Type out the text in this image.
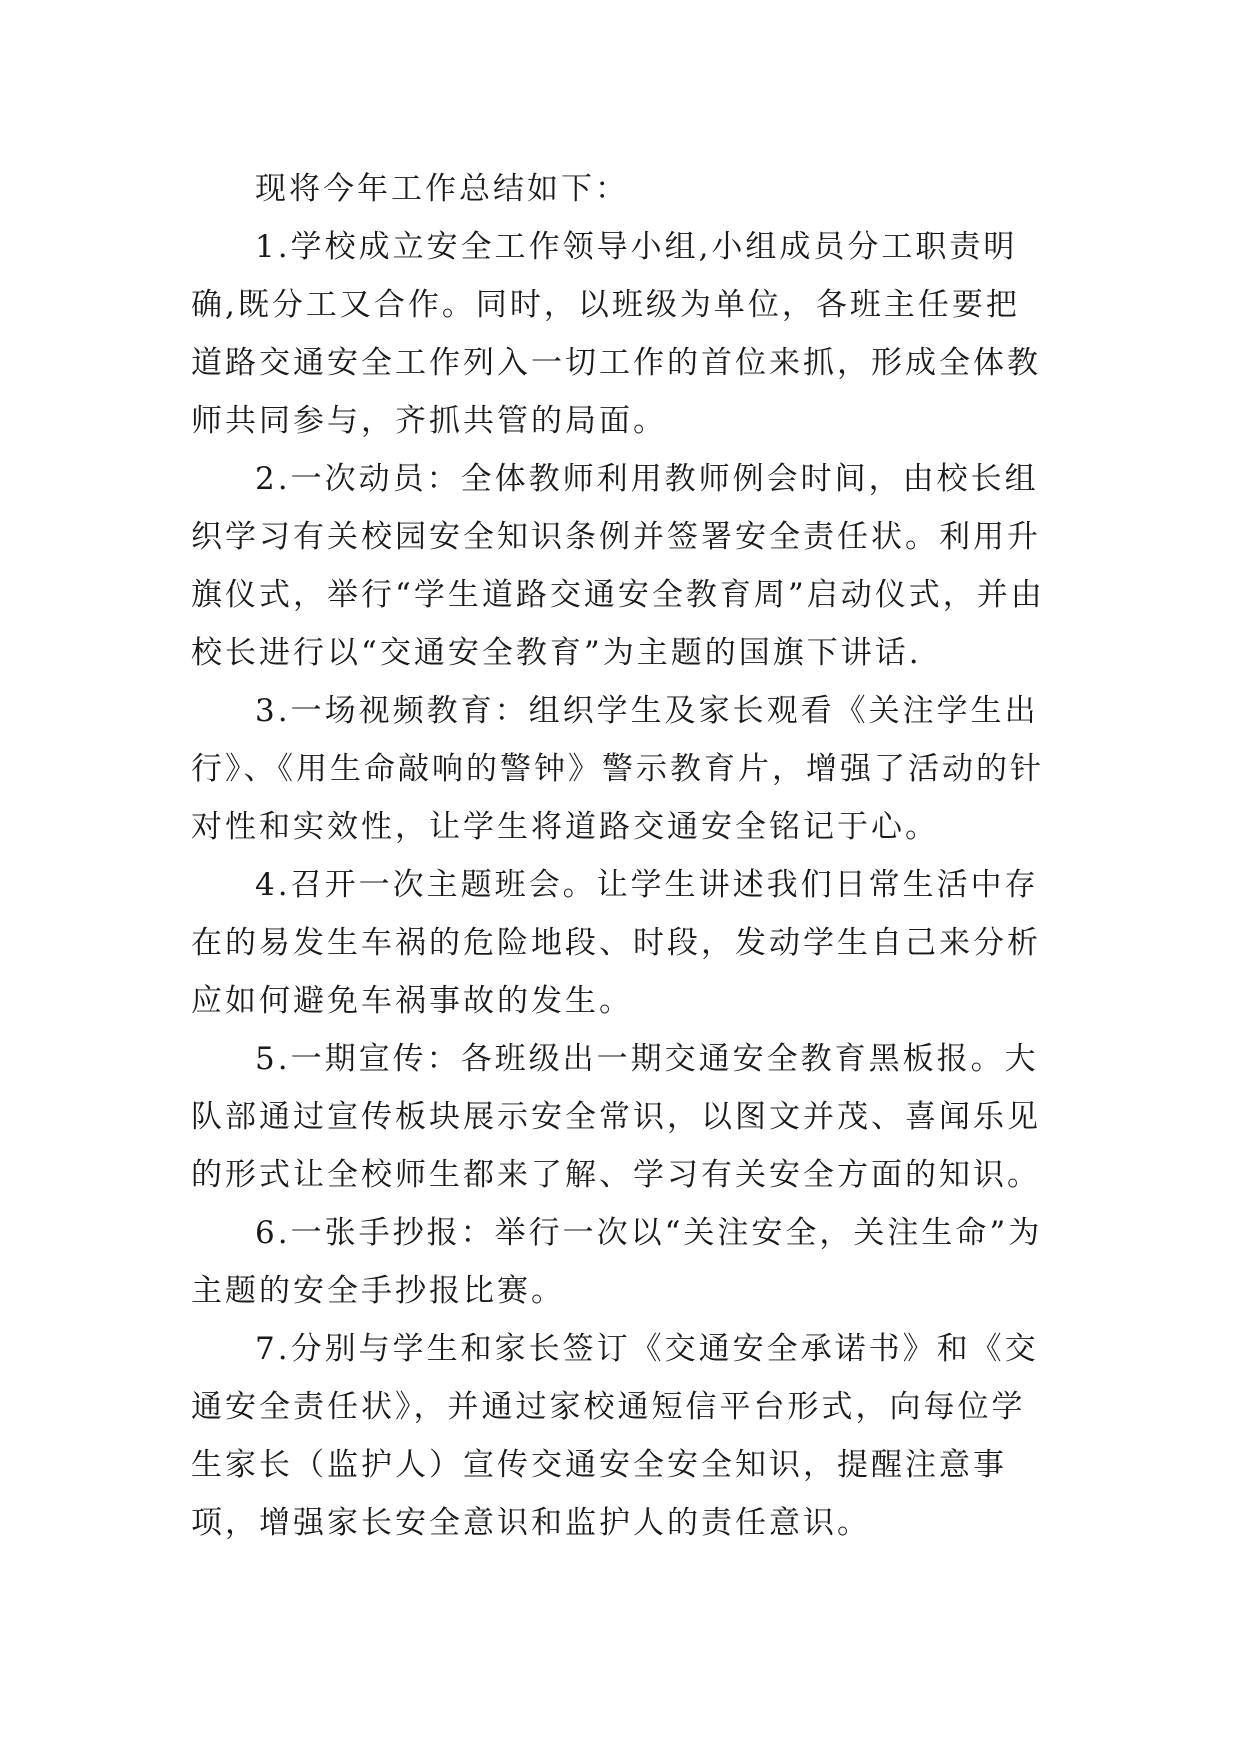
现将今年工作总结如下：

1.学校成立安全工作领导小组,小组成员分工职责明确,既分工又合作。同时，以班级为单位，各班主任要把道路交通安全工作列入一切工作的首位来抓，形成全体教师共同参与，齐抓共管的局面。

2.一次动员：全体教师利用教师例会时间，由校长组织学习有关校园安全知识条例并签署安全责任状。利用升旗仪式，举行“学生道路交通安全教育周”启动仪式，并由校长进行以“交通安全教育”为主题的国旗下讲话.

3.一场视频教育：组织学生及家长观看《关注学生出行》、《用生命敲响的警钟》警示教育片，增强了活动的针对性和实效性，让学生将道路交通安全铭记于心。

4.召开一次主题班会。让学生讲述我们日常生活中存在的易发生车祸的危险地段、时段，发动学生自己来分析应如何避免车祸事故的发生。

5.一期宣传：各班级出一期交通安全教育黑板报。大队部通过宣传板块展示安全常识，以图文并茂、喜闻乐见的形式让全校师生都来了解、学习有关安全方面的知识。

6.一张手抄报：举行一次以“关注安全，关注生命”为主题的安全手抄报比赛。

7.分别与学生和家长签订《交通安全承诺书》和《交通安全责任状》，并通过家校通短信平台形式，向每位学生家长（监护人）宣传交通安全安全知识，提醒注意事项，增强家长安全意识和监护人的责任意识。
